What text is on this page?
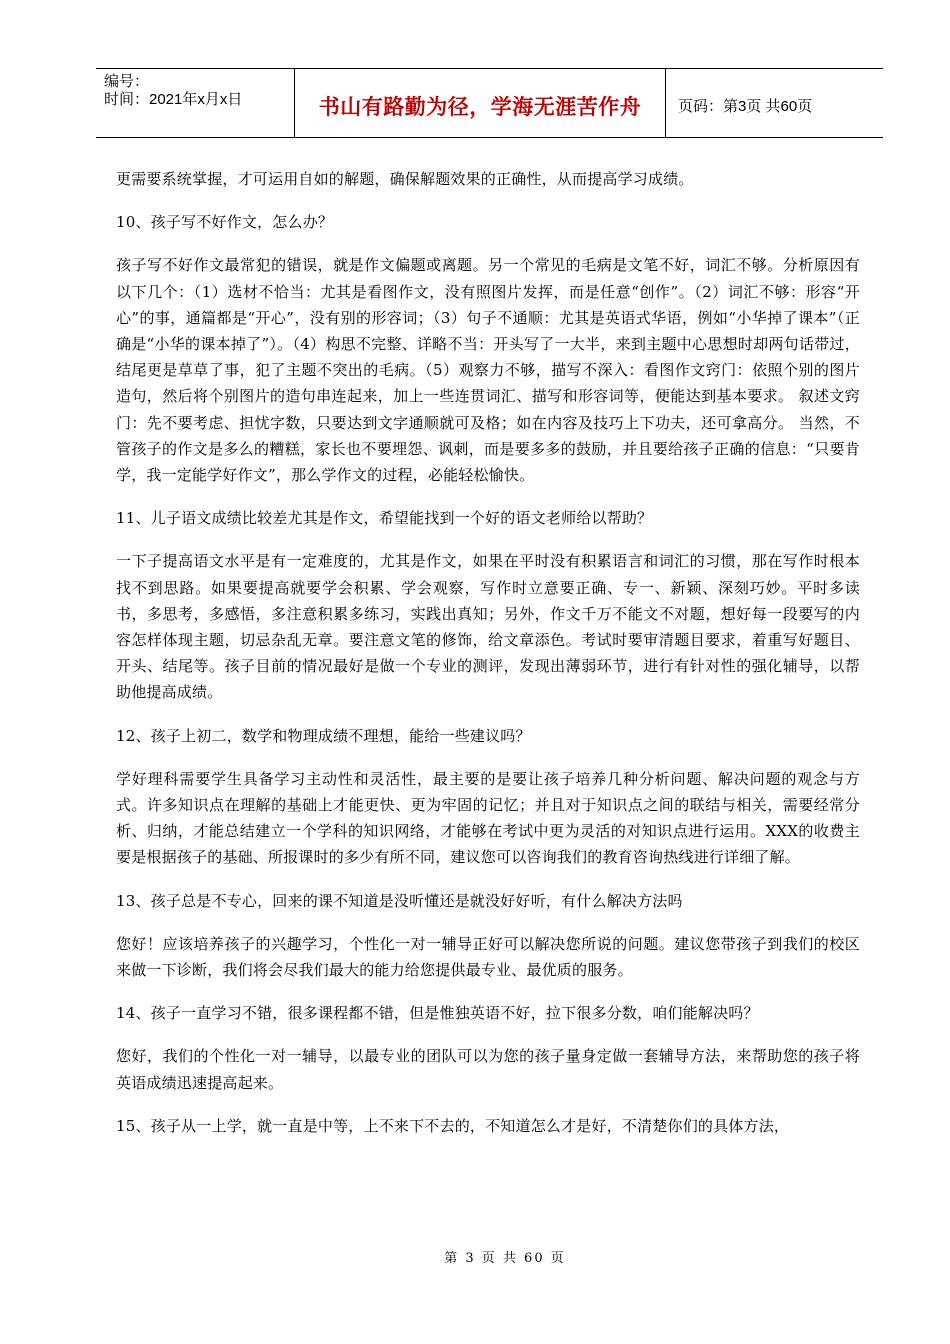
编号：
时间：2021年x月x日	书山有路勤为径，学海无涯苦作舟	页码：第3页 共60页

更需要系统掌握，才可运用自如的解题，确保解题效果的正确性，从而提高学习成绩。

10、孩子写不好作文，怎么办？

孩子写不好作文最常犯的错误，就是作文偏题或离题。另一个常见的毛病是文笔不好，词汇不够。分析原因有以下几个：（1）选材不恰当：尤其是看图作文，没有照图片发挥，而是任意“创作”。（2）词汇不够：形容“开心”的事，通篇都是“开心”，没有别的形容词；（3）句子不通顺：尤其是英语式华语，例如“小华掉了课本”（正确是“小华的课本掉了”）。（4）构思不完整、详略不当：开头写了一大半，来到主题中心思想时却两句话带过，结尾更是草草了事，犯了主题不突出的毛病。（5）观察力不够，描写不深入：看图作文窍门：依照个别的图片造句，然后将个别图片的造句串连起来，加上一些连贯词汇、描写和形容词等，便能达到基本要求。 叙述文窍门：先不要考虑、担忧字数，只要达到文字通顺就可及格；如在内容及技巧上下功夫，还可拿高分。 当然，不管孩子的作文是多么的糟糕，家长也不要埋怨、讽刺，而是要多多的鼓励，并且要给孩子正确的信息：“只要肯学，我一定能学好作文”，那么学作文的过程，必能轻松愉快。

11、儿子语文成绩比较差尤其是作文，希望能找到一个好的语文老师给以帮助？

一下子提高语文水平是有一定难度的，尤其是作文，如果在平时没有积累语言和词汇的习惯，那在写作时根本找不到思路。如果要提高就要学会积累、学会观察，写作时立意要正确、专一、新颖、深刻巧妙。平时多读书，多思考，多感悟，多注意积累多练习，实践出真知；另外，作文千万不能文不对题，想好每一段要写的内容怎样体现主题，切忌杂乱无章。要注意文笔的修饰，给文章添色。考试时要审清题目要求，着重写好题目、开头、结尾等。孩子目前的情况最好是做一个专业的测评，发现出薄弱环节，进行有针对性的强化辅导，以帮助他提高成绩。

12、孩子上初二，数学和物理成绩不理想，能给一些建议吗？

学好理科需要学生具备学习主动性和灵活性，最主要的是要让孩子培养几种分析问题、解决问题的观念与方式。许多知识点在理解的基础上才能更快、更为牢固的记忆；并且对于知识点之间的联结与相关，需要经常分析、归纳，才能总结建立一个学科的知识网络，才能够在考试中更为灵活的对知识点进行运用。XXX的收费主要是根据孩子的基础、所报课时的多少有所不同，建议您可以咨询我们的教育咨询热线进行详细了解。

13、孩子总是不专心，回来的课不知道是没听懂还是就没好好听，有什么解决方法吗

您好！应该培养孩子的兴趣学习，个性化一对一辅导正好可以解决您所说的问题。建议您带孩子到我们的校区来做一下诊断，我们将会尽我们最大的能力给您提供最专业、最优质的服务。

14、孩子一直学习不错，很多课程都不错，但是惟独英语不好，拉下很多分数，咱们能解决吗？

您好，我们的个性化一对一辅导，以最专业的团队可以为您的孩子量身定做一套辅导方法，来帮助您的孩子将英语成绩迅速提高起来。

15、孩子从一上学，就一直是中等，上不来下不去的，不知道怎么才是好，不清楚你们的具体方法，

第 3 页 共 60 页
